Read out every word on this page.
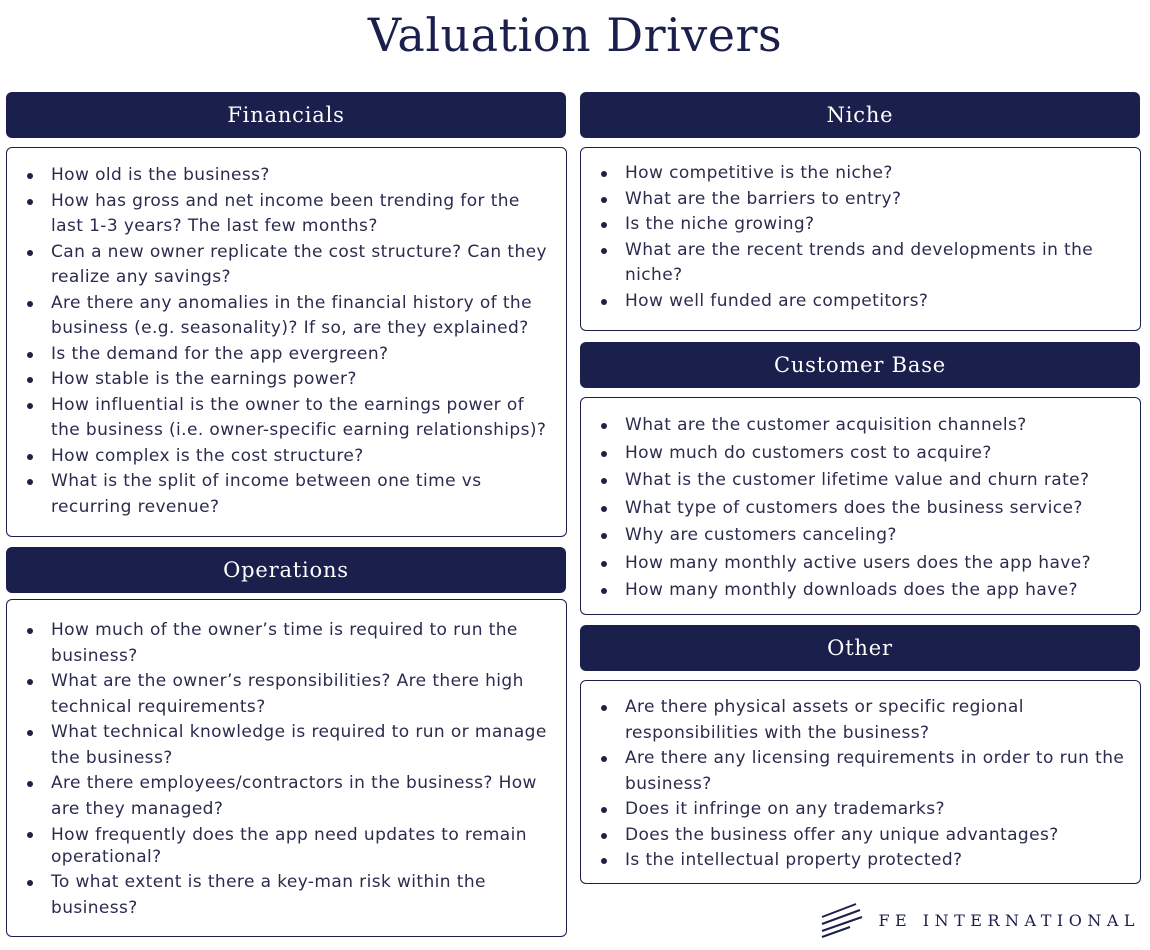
Valuation Drivers
Financials
How old is the business?
How has gross and net income been trending for the last 1-3 years? The last few months?
Can a new owner replicate the cost structure? Can they realize any savings?
Are there any anomalies in the financial history of the business (e.g. seasonality)? If so, are they explained?
Is the demand for the app evergreen?
How stable is the earnings power?
How influential is the owner to the earnings power of the business (i.e. owner-specific earning relationships)?
How complex is the cost structure?
What is the split of income between one time vs recurring revenue?
Operations
How much of the owner’s time is required to run the business?
What are the owner’s responsibilities? Are there high technical requirements?
What technical knowledge is required to run or manage the business?
Are there employees/contractors in the business? How are they managed?
How frequently does the app need updates to remain operational?
To what extent is there a key-man risk within the business?
Niche
How competitive is the niche?
What are the barriers to entry?
Is the niche growing?
What are the recent trends and developments in the niche?
How well funded are competitors?
Customer Base
What are the customer acquisition channels?
How much do customers cost to acquire?
What is the customer lifetime value and churn rate?
What type of customers does the business service?
Why are customers canceling?
How many monthly active users does the app have?
How many monthly downloads does the app have?
Other
Are there physical assets or specific regional responsibilities with the business?
Are there any licensing requirements in order to run the business?
Does it infringe on any trademarks?
Does the business offer any unique advantages?
Is the intellectual property protected?
FE INTERNATIONAL
